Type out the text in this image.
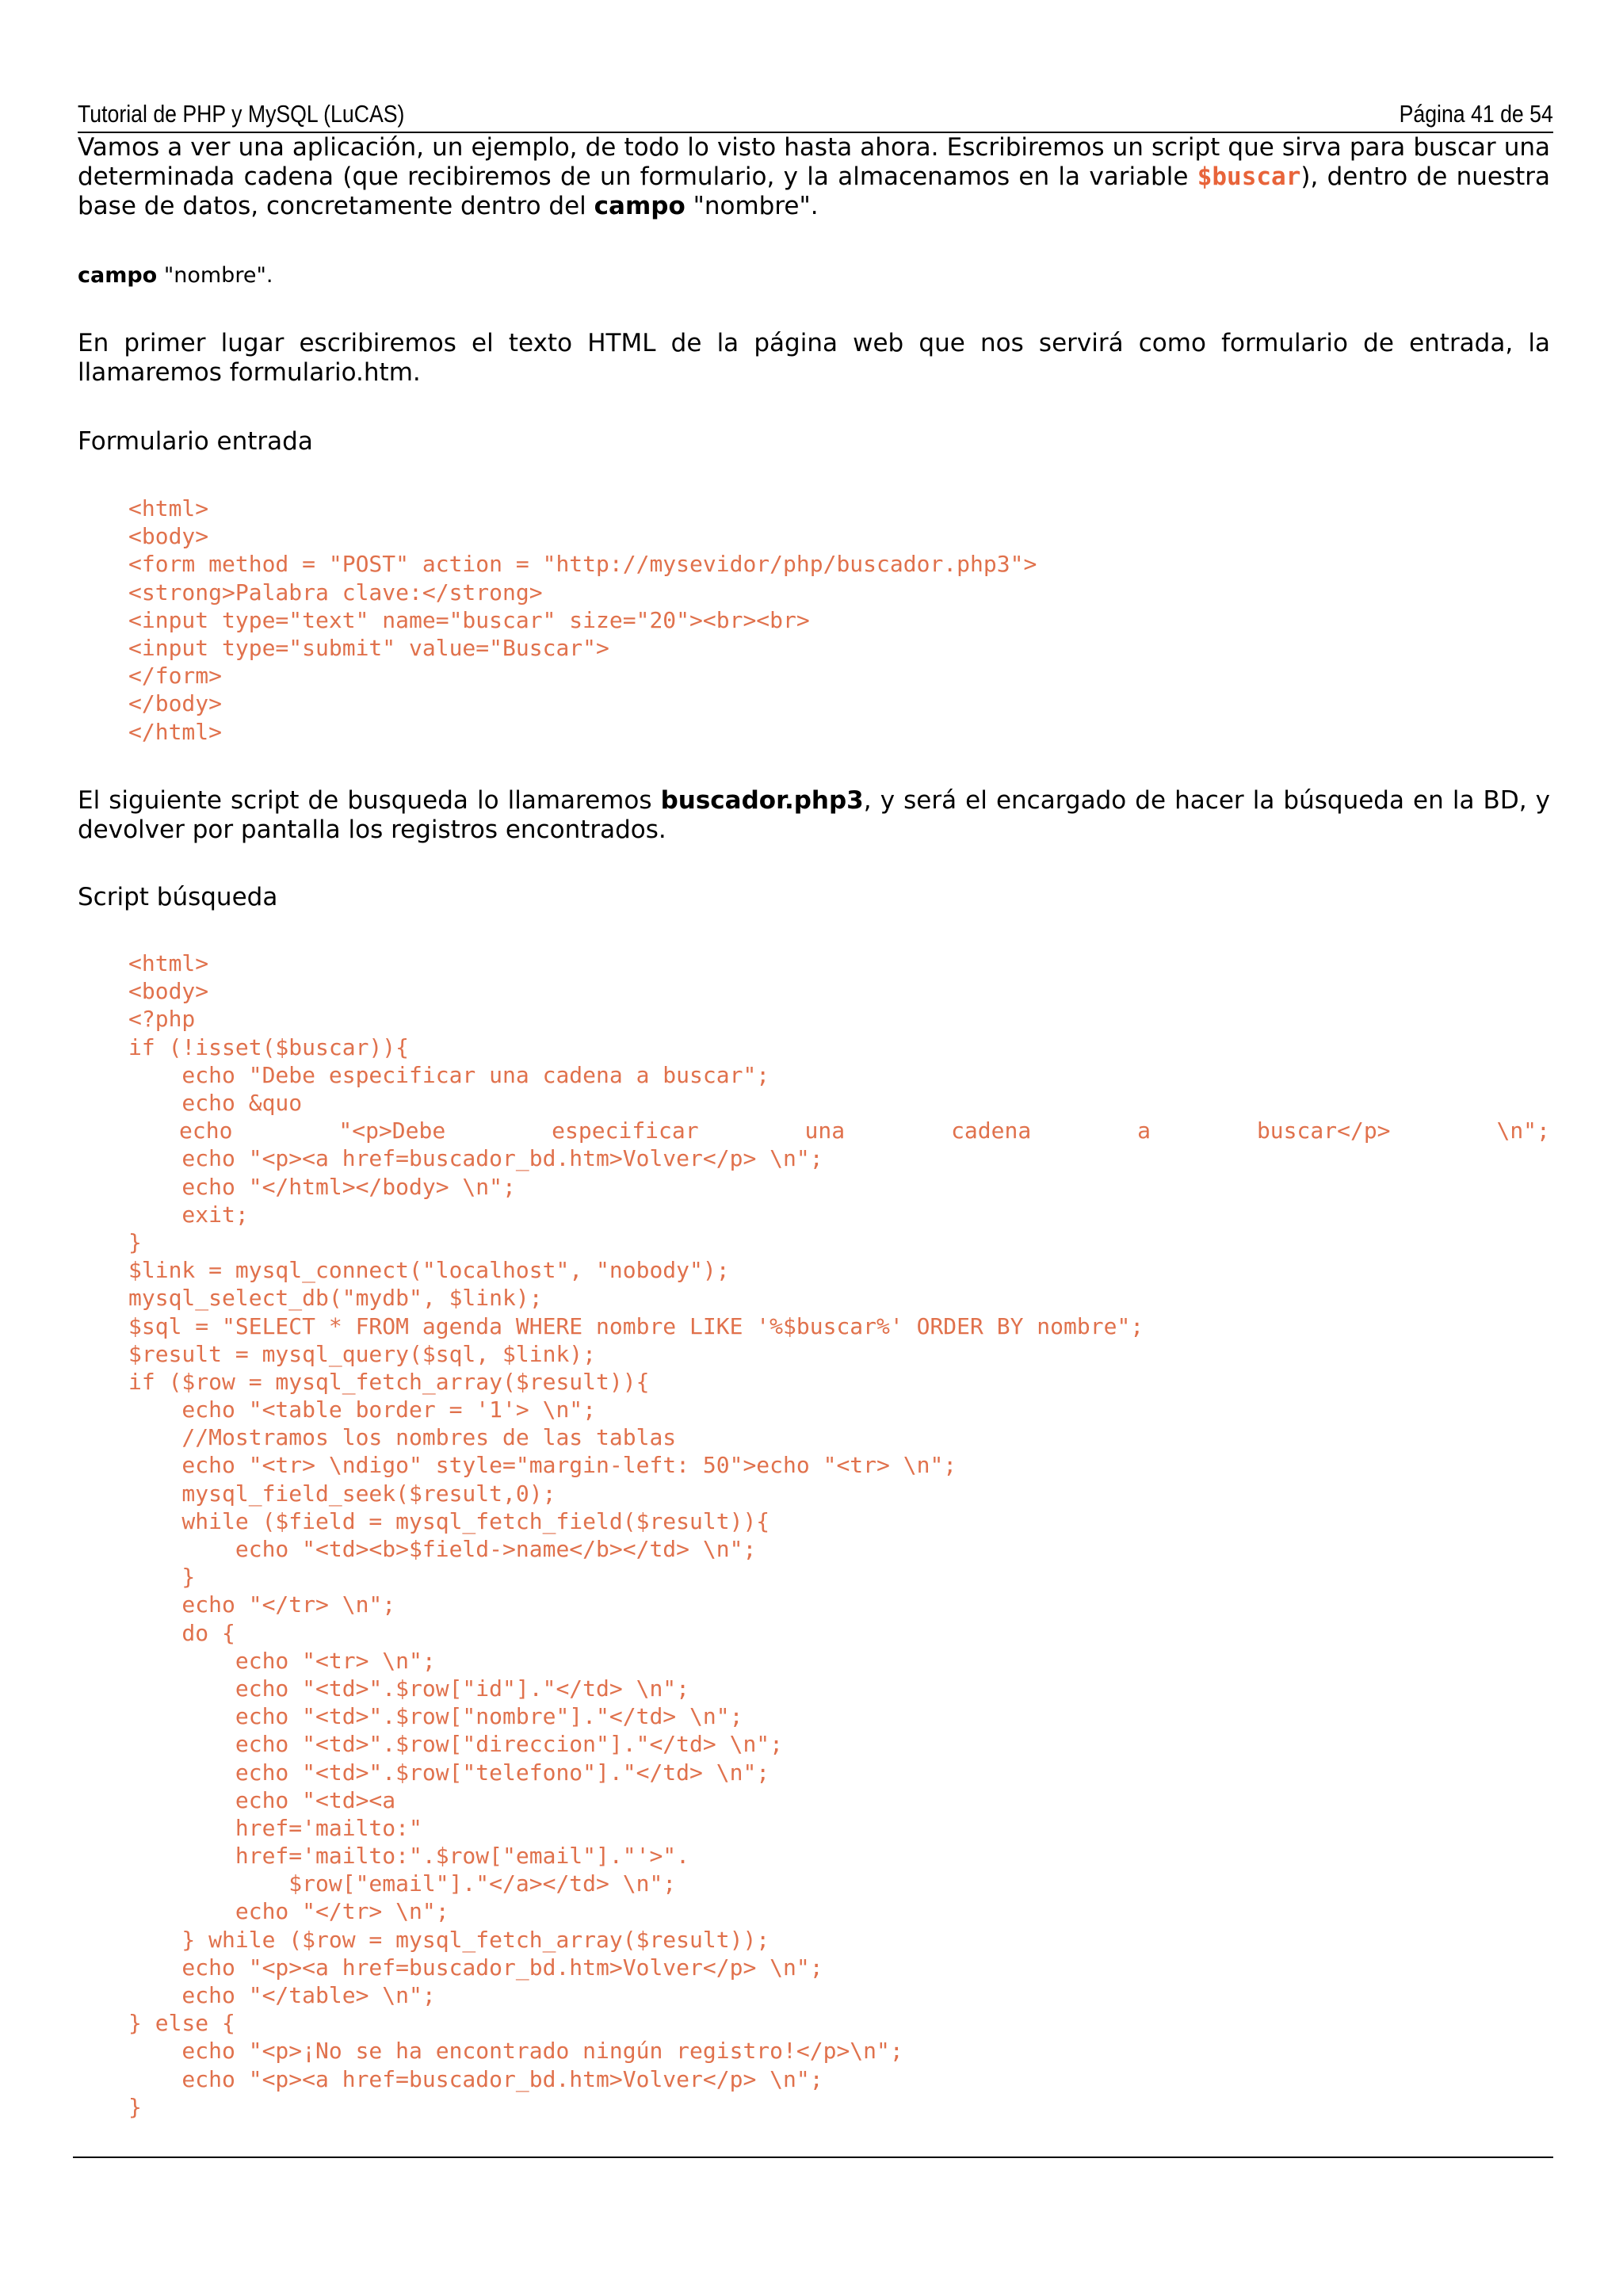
Tutorial de PHP y MySQL (LuCAS)	Página 41 de 54

Vamos a ver una aplicación, un ejemplo, de todo lo visto hasta ahora. Escribiremos un script que sirva para buscar una determinada cadena (que recibiremos de un formulario, y la almacenamos en la variable $buscar), dentro de nuestra base de datos, concretamente dentro del campo "nombre".

campo "nombre".

En primer lugar escribiremos el texto HTML de la página web que nos servirá como formulario de entrada, la llamaremos formulario.htm.

Formulario entrada

<html>
<body>
<form method = "POST" action = "http://mysevidor/php/buscador.php3">
<strong>Palabra clave:</strong>
<input type="text" name="buscar" size="20"><br><br>
<input type="submit" value="Buscar">
</form>
</body>
</html>

El siguiente script de busqueda lo llamaremos buscador.php3, y será el encargado de hacer la búsqueda en la BD, y devolver por pantalla los registros encontrados.

Script búsqueda

<html>
<body>
<?php
if (!isset($buscar)){
echo "Debe especificar una cadena a buscar";
echo &quo
echo	"<p>Debe	especificar	una	cadena	a	buscar</p>	\n";
echo "<p><a href=buscador_bd.htm>Volver</p> \n";
echo "</html></body> \n";
exit;
}
$link = mysql_connect("localhost", "nobody");
mysql_select_db("mydb", $link);
$sql = "SELECT * FROM agenda WHERE nombre LIKE '%$buscar%' ORDER BY nombre";
$result = mysql_query($sql, $link);
if ($row = mysql_fetch_array($result)){
echo "<table border = '1'> \n";
//Mostramos los nombres de las tablas
echo "<tr> \ndigo" style="margin-left: 50">echo "<tr> \n";
mysql_field_seek($result,0);
while ($field = mysql_fetch_field($result)){
echo "<td><b>$field->name</b></td> \n";
}
echo "</tr> \n";
do {
echo "<tr> \n";
echo "<td>".$row["id"]."</td> \n";
echo "<td>".$row["nombre"]."</td> \n";
echo "<td>".$row["direccion"]."</td> \n";
echo "<td>".$row["telefono"]."</td> \n";
echo "<td><a
href='mailto:"
href='mailto:".$row["email"]."'>".
$row["email"]."</a></td> \n";
echo "</tr> \n";
} while ($row = mysql_fetch_array($result));
echo "<p><a href=buscador_bd.htm>Volver</p> \n";
echo "</table> \n";
} else {
echo "<p>¡No se ha encontrado ningún registro!</p>\n";
echo "<p><a href=buscador_bd.htm>Volver</p> \n";
}
